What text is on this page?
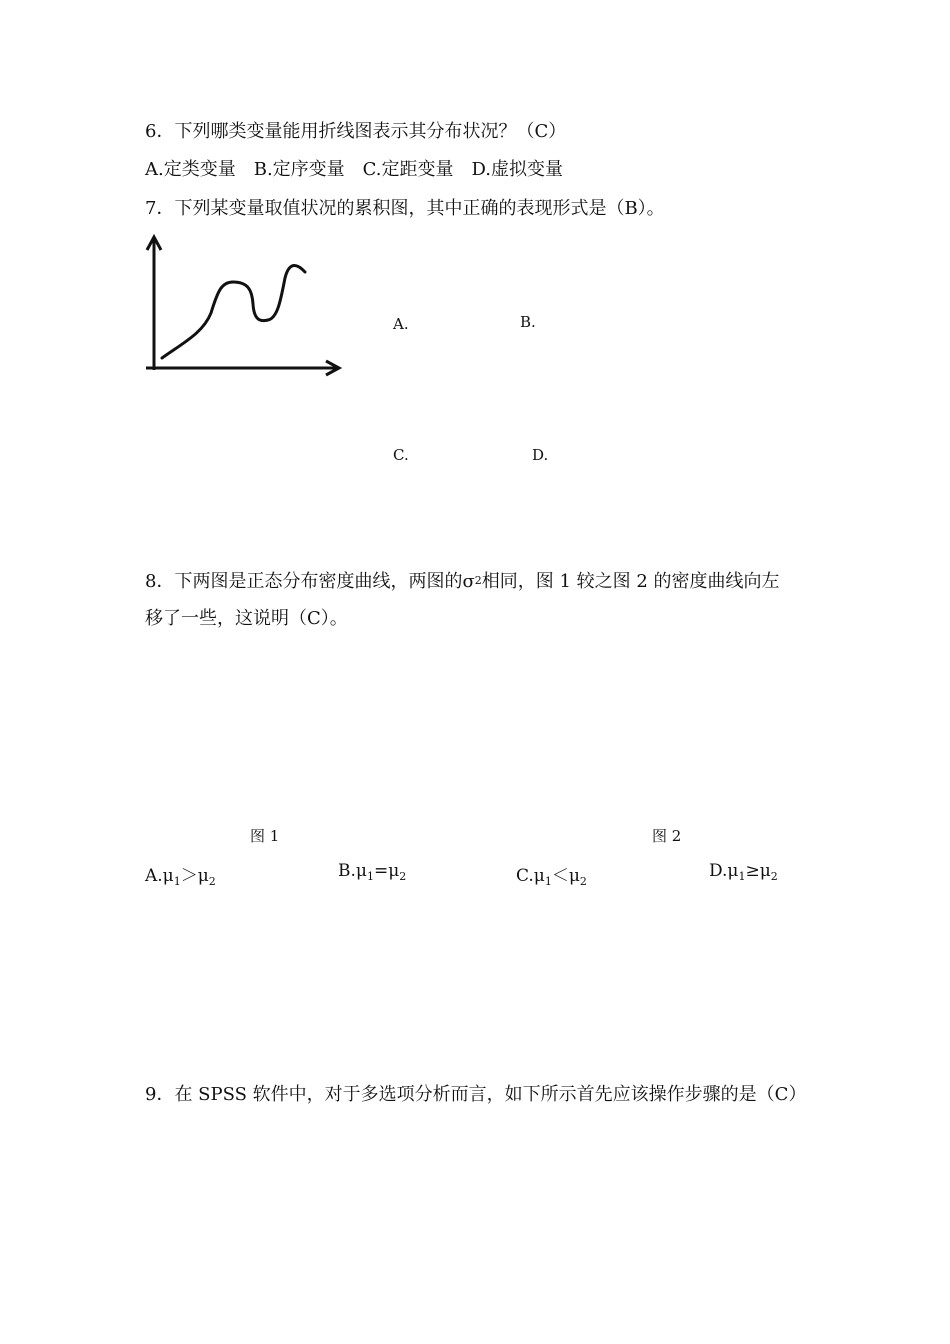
6．下列哪类变量能用折线图表示其分布状况？（C）
A.定类变量　B.定序变量　C.定距变量　D.虚拟变量
7．下列某变量取值状况的累积图，其中正确的表现形式是（B）。
A.	B.
C.	D.
8．下两图是正态分布密度曲线，两图的σ2相同，图 1 较之图 2 的密度曲线向左
移了一些，这说明（C）。
图 1	图 2
$A.\mu_1>\mu_2$
$B.\mu_1=\mu_2$	$C.\mu_1<\mu_2$
$D.\mu_1\ge\mu_2$
9．在 SPSS 软件中，对于多选项分析而言，如下所示首先应该操作步骤的是（C）
